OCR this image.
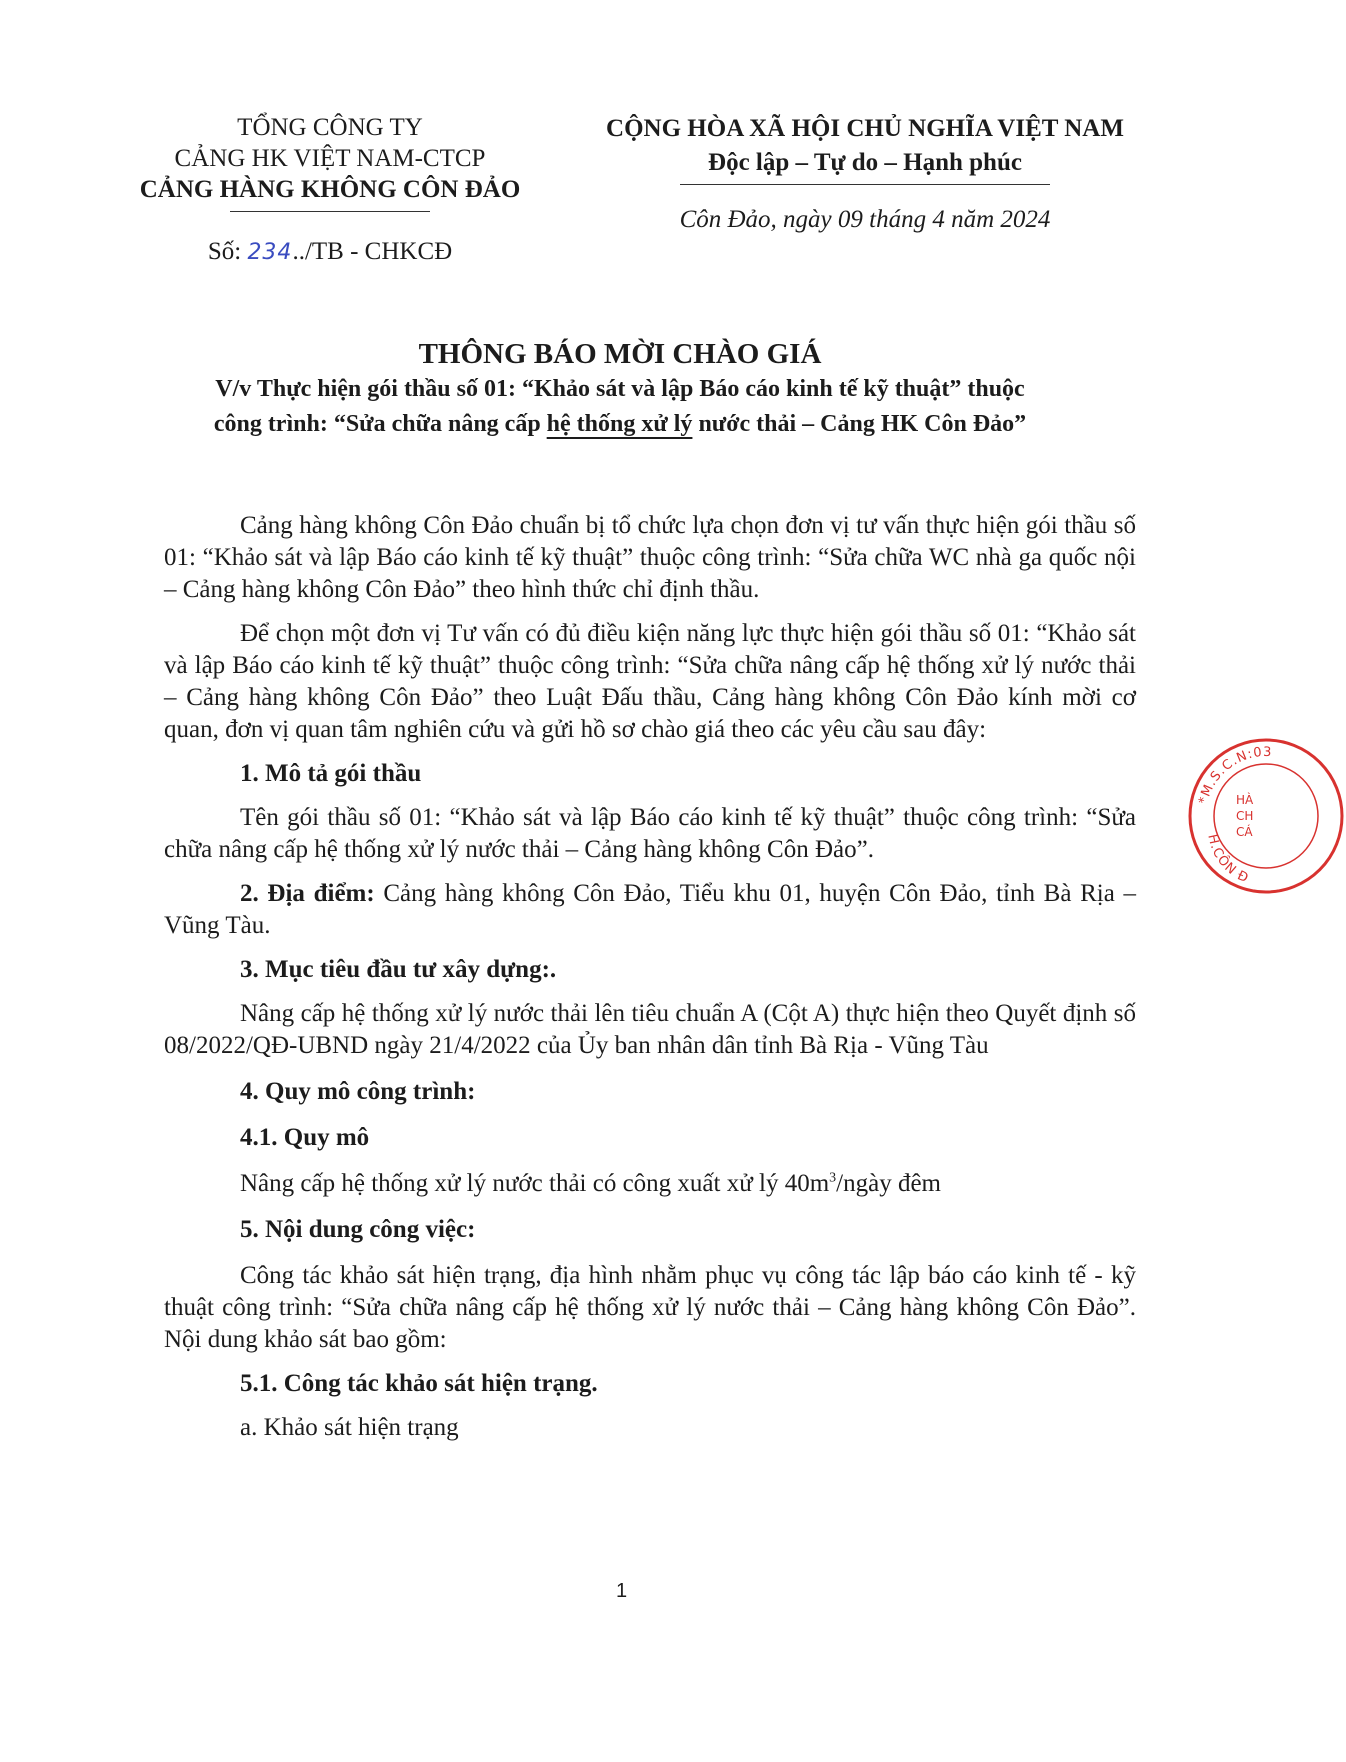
TỔNG CÔNG TY
CẢNG HK VIỆT NAM-CTCP
CẢNG HÀNG KHÔNG CÔN ĐẢO
Số: 234../TB - CHKCĐ
CỘNG HÒA XÃ HỘI CHỦ NGHĨA VIỆT NAM
Độc lập – Tự do – Hạnh phúc
Côn Đảo, ngày 09 tháng 4 năm 2024
THÔNG BÁO MỜI CHÀO GIÁ
V/v Thực hiện gói thầu số 01: “Khảo sát và lập Báo cáo kinh tế kỹ thuật” thuộc
công trình: “Sửa chữa nâng cấp hệ thống xử lý nước thải – Cảng HK Côn Đảo”

Cảng hàng không Côn Đảo chuẩn bị tổ chức lựa chọn đơn vị tư vấn thực hiện gói thầu số 01: “Khảo sát và lập Báo cáo kinh tế kỹ thuật” thuộc công trình: “Sửa chữa WC nhà ga quốc nội – Cảng hàng không Côn Đảo” theo hình thức chỉ định thầu.

Để chọn một đơn vị Tư vấn có đủ điều kiện năng lực thực hiện gói thầu số 01: “Khảo sát và lập Báo cáo kinh tế kỹ thuật” thuộc công trình: “Sửa chữa nâng cấp hệ thống xử lý nước thải – Cảng hàng không Côn Đảo” theo Luật Đấu thầu, Cảng hàng không Côn Đảo kính mời cơ quan, đơn vị quan tâm nghiên cứu và gửi hồ sơ chào giá theo các yêu cầu sau đây:

1. Mô tả gói thầu

Tên gói thầu số 01: “Khảo sát và lập Báo cáo kinh tế kỹ thuật” thuộc công trình: “Sửa chữa nâng cấp hệ thống xử lý nước thải – Cảng hàng không Côn Đảo”.

2. Địa điểm: Cảng hàng không Côn Đảo, Tiểu khu 01, huyện Côn Đảo, tỉnh Bà Rịa – Vũng Tàu.

3. Mục tiêu đầu tư xây dựng:.

Nâng cấp hệ thống xử lý nước thải lên tiêu chuẩn A (Cột A) thực hiện theo Quyết định số 08/2022/QĐ-UBND ngày 21/4/2022 của Ủy ban nhân dân tỉnh Bà Rịa - Vũng Tàu

4. Quy mô công trình:

4.1. Quy mô

Nâng cấp hệ thống xử lý nước thải có công xuất xử lý $40m^3$/ngày đêm

5. Nội dung công việc:

Công tác khảo sát hiện trạng, địa hình nhằm phục vụ công tác lập báo cáo kinh tế - kỹ thuật công trình: “Sửa chữa nâng cấp hệ thống xử lý nước thải – Cảng hàng không Côn Đảo”. Nội dung khảo sát bao gồm:

5.1. Công tác khảo sát hiện trạng.

a. Khảo sát hiện trạng

1
*M.S.C.N:03
H.CÔN Đ
HÀ
CH
CÁ
